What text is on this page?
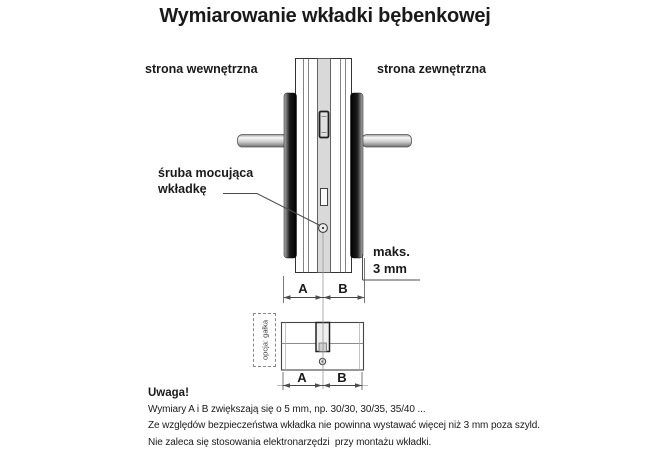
Wymiarowanie wkładki bębenkowej
strona wewnętrzna	strona zewnętrzna
śruba mocująca
wkładkę
maks.
3 mm
A B
A B
opcja: gałka
Uwaga!
Wymiary A i B zwiększają się o 5 mm, np. 30/30, 30/35, 35/40 ...
Ze względów bezpieczeństwa wkładka nie powinna wystawać więcej niż 3 mm poza szyld.
Nie zaleca się stosowania elektronarzędzi  przy montażu wkładki.
